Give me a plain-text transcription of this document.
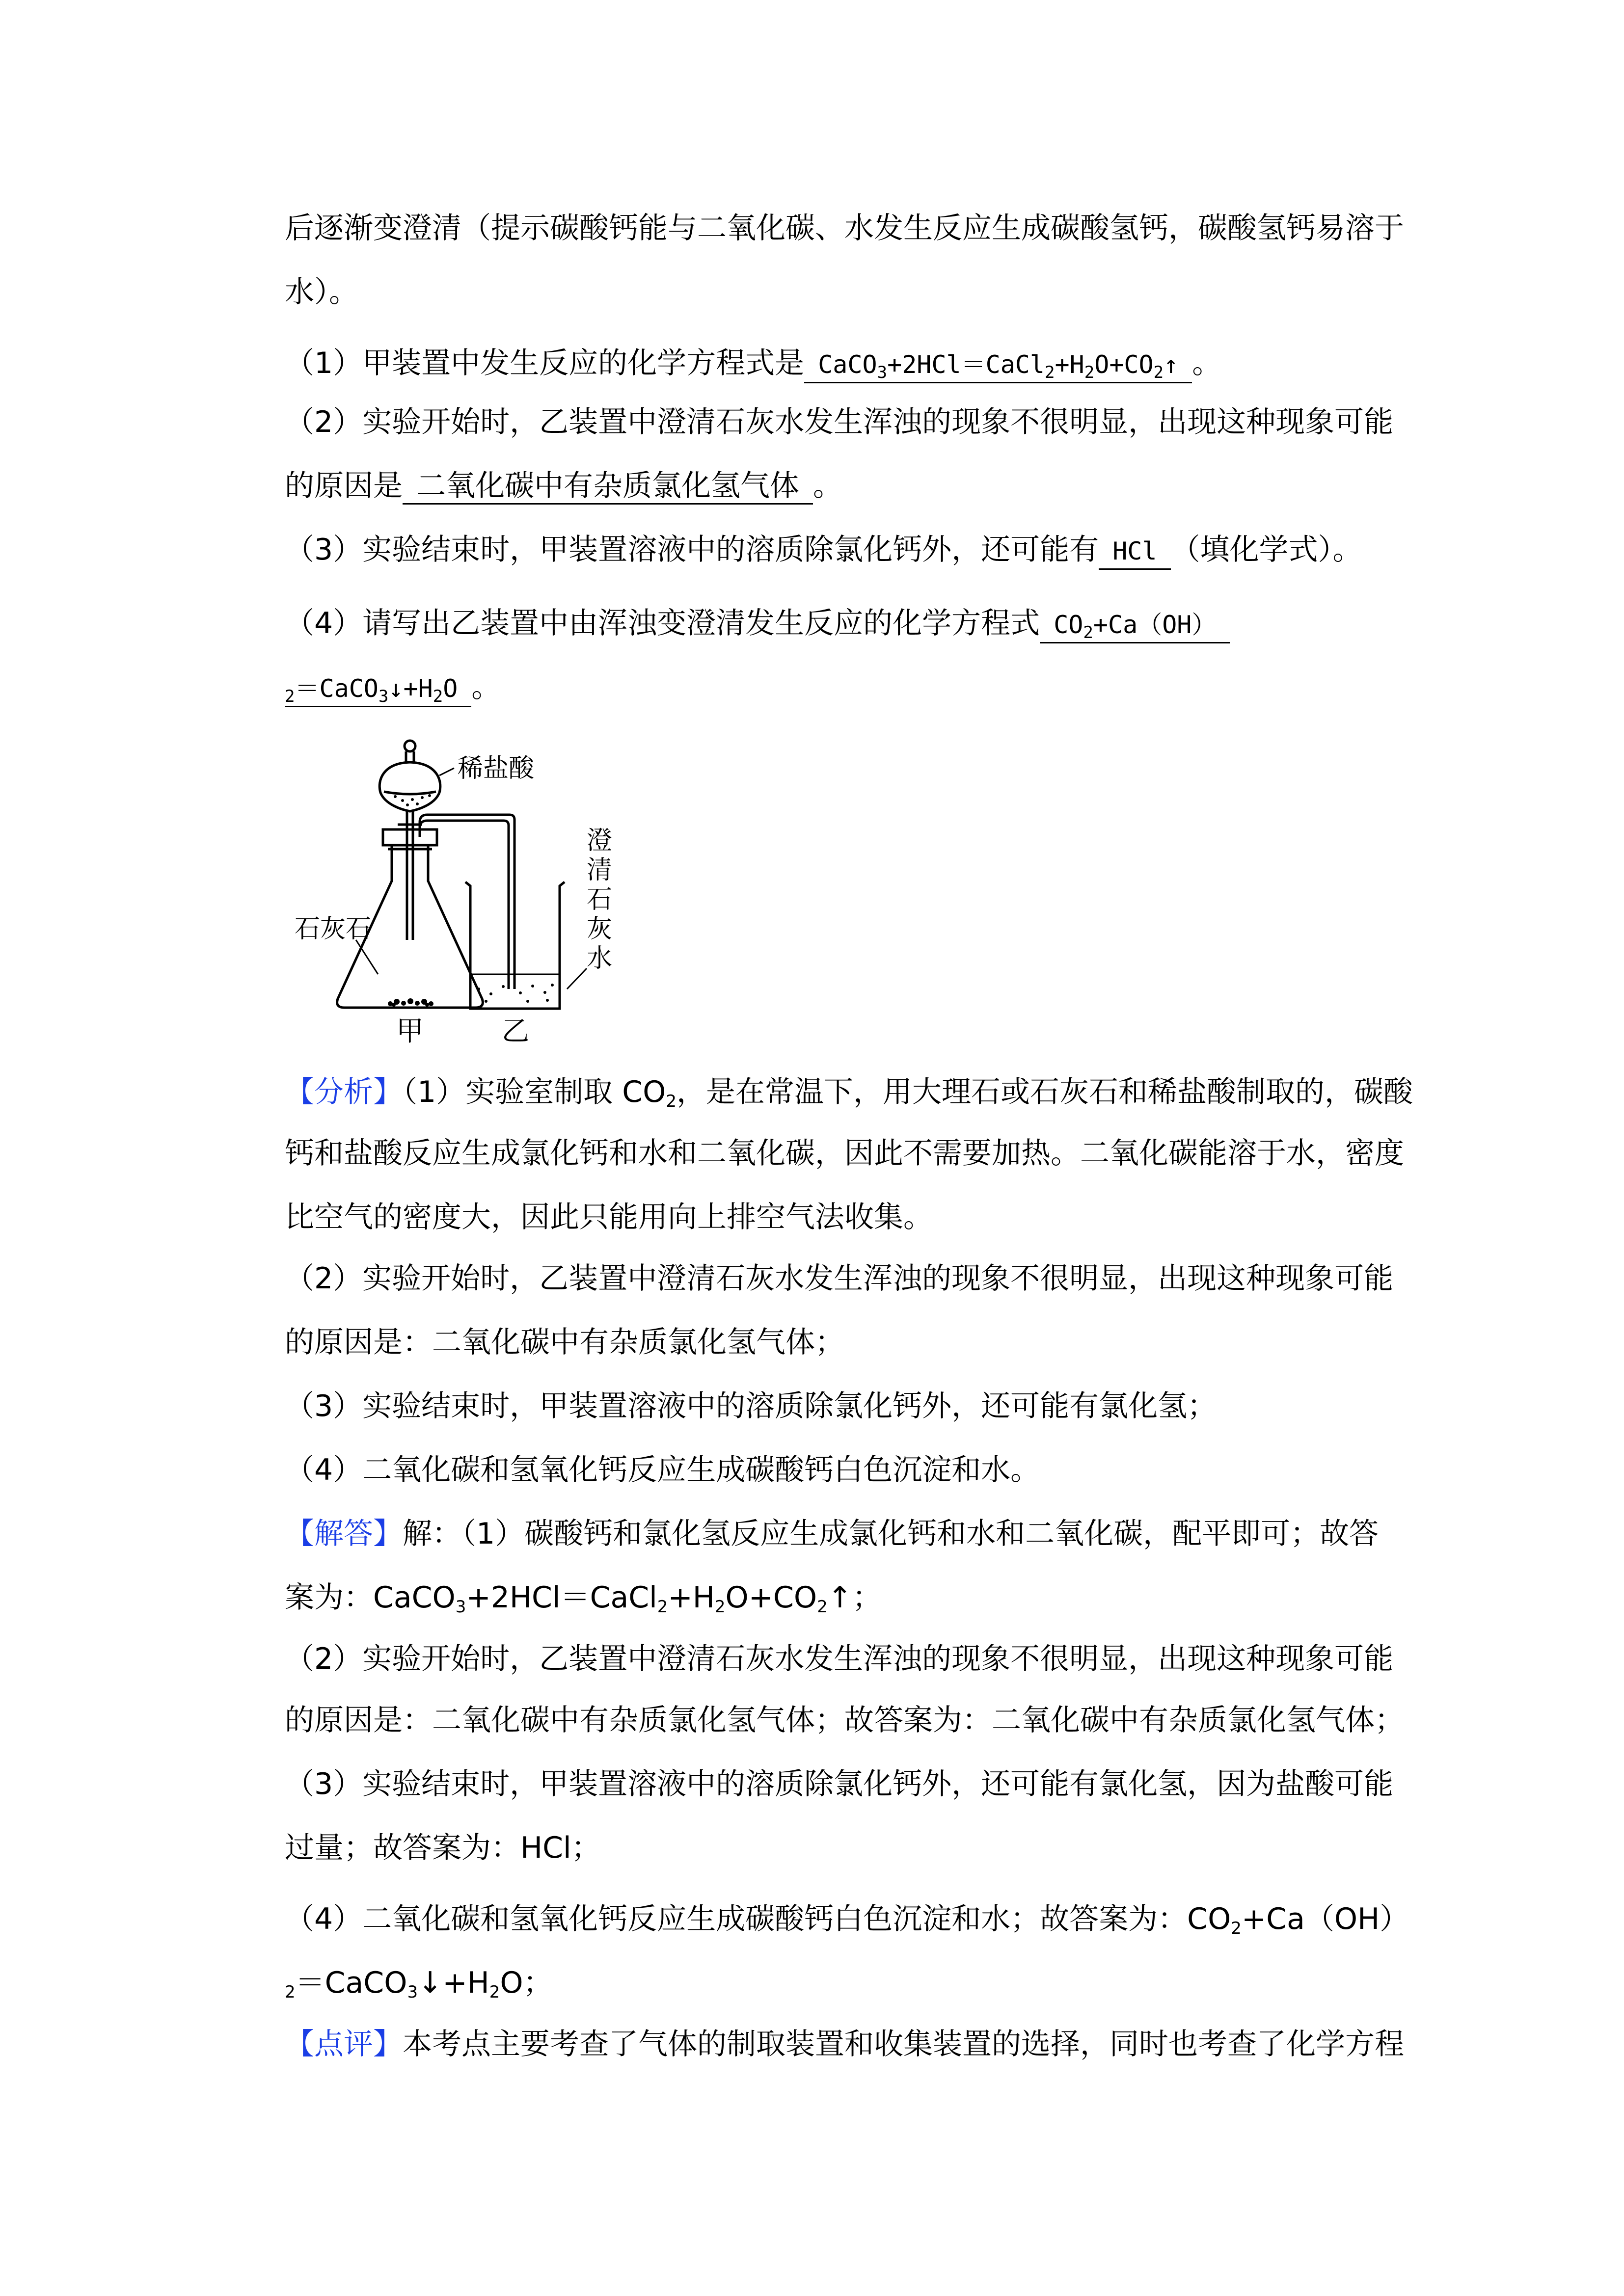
后逐渐变澄清（提示碳酸钙能与二氧化碳、水发生反应生成碳酸氢钙，碳酸氢钙易溶于
水）。
（1）甲装置中发生反应的化学方程式是 $CaCO_3+2HCl=CaCl_2+H_2O+CO_2↑$ 。
（2）实验开始时，乙装置中澄清石灰水发生浑浊的现象不很明显，出现这种现象可能
的原因是 二氧化碳中有杂质氯化氢气体 。
（3）实验结束时，甲装置溶液中的溶质除氯化钙外，还可能有 HCl （填化学式）。
（4）请写出乙装置中由浑浊变澄清发生反应的化学方程式 $CO_2+Ca(OH)$
$_2=CaCO_3↓+H_2O$ 。
稀盐酸
石灰石
澄
清
石
灰
水
甲	乙
【分析】（1）实验室制取 $CO_2$，是在常温下，用大理石或石灰石和稀盐酸制取的，碳酸
钙和盐酸反应生成氯化钙和水和二氧化碳，因此不需要加热。二氧化碳能溶于水，密度
比空气的密度大，因此只能用向上排空气法收集。
（2）实验开始时，乙装置中澄清石灰水发生浑浊的现象不很明显，出现这种现象可能
的原因是：二氧化碳中有杂质氯化氢气体；
（3）实验结束时，甲装置溶液中的溶质除氯化钙外，还可能有氯化氢；
（4）二氧化碳和氢氧化钙反应生成碳酸钙白色沉淀和水。
【解答】解：（1）碳酸钙和氯化氢反应生成氯化钙和水和二氧化碳，配平即可；故答
案为：$CaCO_3+2HCl=CaCl_2+H_2O+CO_2↑$；
（2）实验开始时，乙装置中澄清石灰水发生浑浊的现象不很明显，出现这种现象可能
的原因是：二氧化碳中有杂质氯化氢气体；故答案为：二氧化碳中有杂质氯化氢气体；
（3）实验结束时，甲装置溶液中的溶质除氯化钙外，还可能有氯化氢，因为盐酸可能
过量；故答案为：HCl；
（4）二氧化碳和氢氧化钙反应生成碳酸钙白色沉淀和水；故答案为：$CO_2+Ca(OH)$
$_2=CaCO_3↓+H_2O$；
【点评】本考点主要考查了气体的制取装置和收集装置的选择，同时也考查了化学方程
